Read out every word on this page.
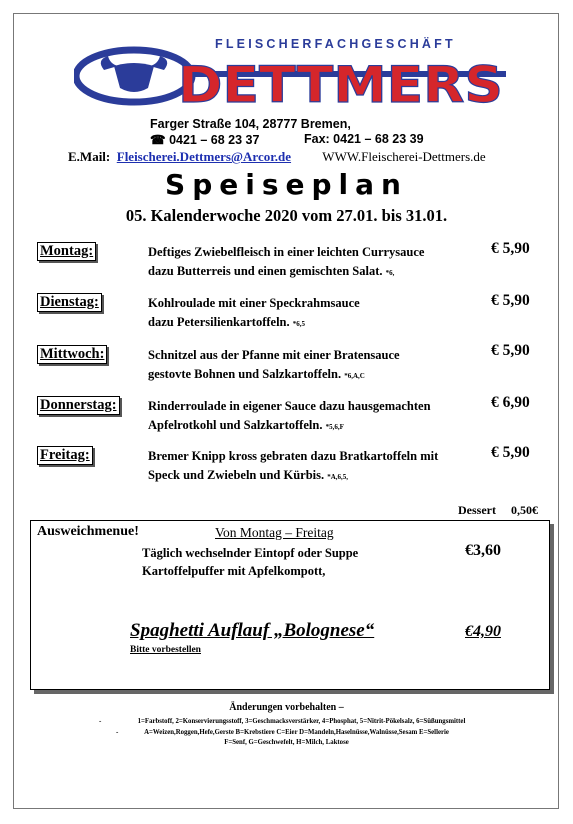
FLEISCHERFACHGESCHÄFT
DETTMERS
Farger Straße 104, 28777 Bremen,
☎ 0421 – 68 23 37	Fax: 0421 – 68 23 39
E.Mail: Fleischerei.Dettmers@Arcor.de WWW.Fleischerei-Dettmers.de
Speiseplan
05. Kalenderwoche 2020 vom 27.01. bis 31.01.
Montag:	Deftiges Zwiebelfleisch in einer leichten Currysauce
dazu Butterreis und einen gemischten Salat. *6,
€ 5,90
Dienstag:	Kohlroulade mit einer Speckrahmsauce
dazu Petersilienkartoffeln. *6,5
€ 5,90
Mittwoch:	Schnitzel aus der Pfanne mit einer Bratensauce
gestovte Bohnen und Salzkartoffeln. *6,A,C
€ 5,90
Donnerstag:	Rinderroulade in eigener Sauce dazu hausgemachten
Apfelrotkohl und Salzkartoffeln. *5,6,F
€ 6,90
Freitag:	Bremer Knipp kross gebraten dazu Bratkartoffeln mit
Speck und Zwiebeln und Kürbis. *A,6,5,
€ 5,90
Dessert 0,50€
Ausweichmenue!	Von Montag – Freitag
Täglich wechselnder Eintopf oder Suppe
Kartoffelpuffer mit Apfelkompott,
€3,60
Spaghetti Auflauf „Bolognese“	€4,90
Bitte vorbestellen
Änderungen vorbehalten –
-	1=Farbstoff, 2=Konservierungsstoff, 3=Geschmacksverstärker, 4=Phosphat, 5=Nitrit-Pökelsalz, 6=Süßungsmittel
-	A=Weizen,Roggen,Hefe,Gerste B=Krebstiere C=Eier D=Mandeln,Haselnüsse,Walnüsse,Sesam E=Sellerie
F=Senf, G=Geschwefelt, H=Milch, Laktose
